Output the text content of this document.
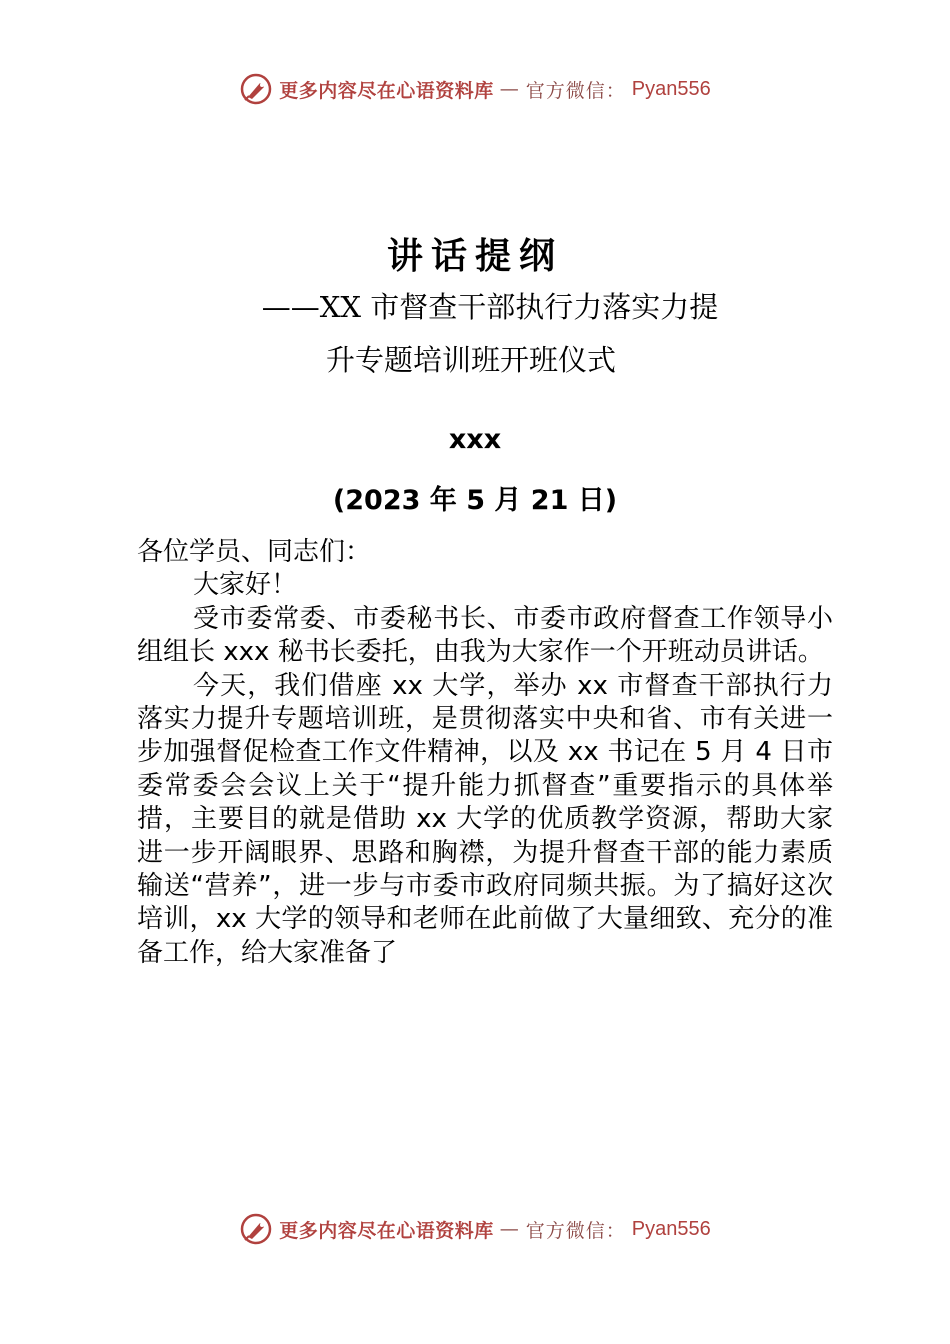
更多内容尽在心语资料库 — 官方微信： Pyan556
讲话提纲
——XX 市督查干部执行力落实力提
升专题培训班开班仪式
xxx
(2023 年 5 月 21 日)

各位学员、同志们：

大家好！

受市委常委、市委秘书长、市委市政府督查工作领导小组组长 xxx 秘书长委托，由我为大家作一个开班动员讲话。

今天，我们借座 xx 大学，举办 xx 市督查干部执行力落实力提升专题培训班，是贯彻落实中央和省、市有关进一步加强督促检查工作文件精神，以及 xx 书记在 5 月 4 日市委常委会会议上关于“提升能力抓督查”重要指示的具体举措，主要目的就是借助 xx 大学的优质教学资源，帮助大家进一步开阔眼界、思路和胸襟，为提升督查干部的能力素质输送“营养”，进一步与市委市政府同频共振。为了搞好这次培训，xx 大学的领导和老师在此前做了大量细致、充分的准备工作，给大家准备了

更多内容尽在心语资料库 — 官方微信： Pyan556
